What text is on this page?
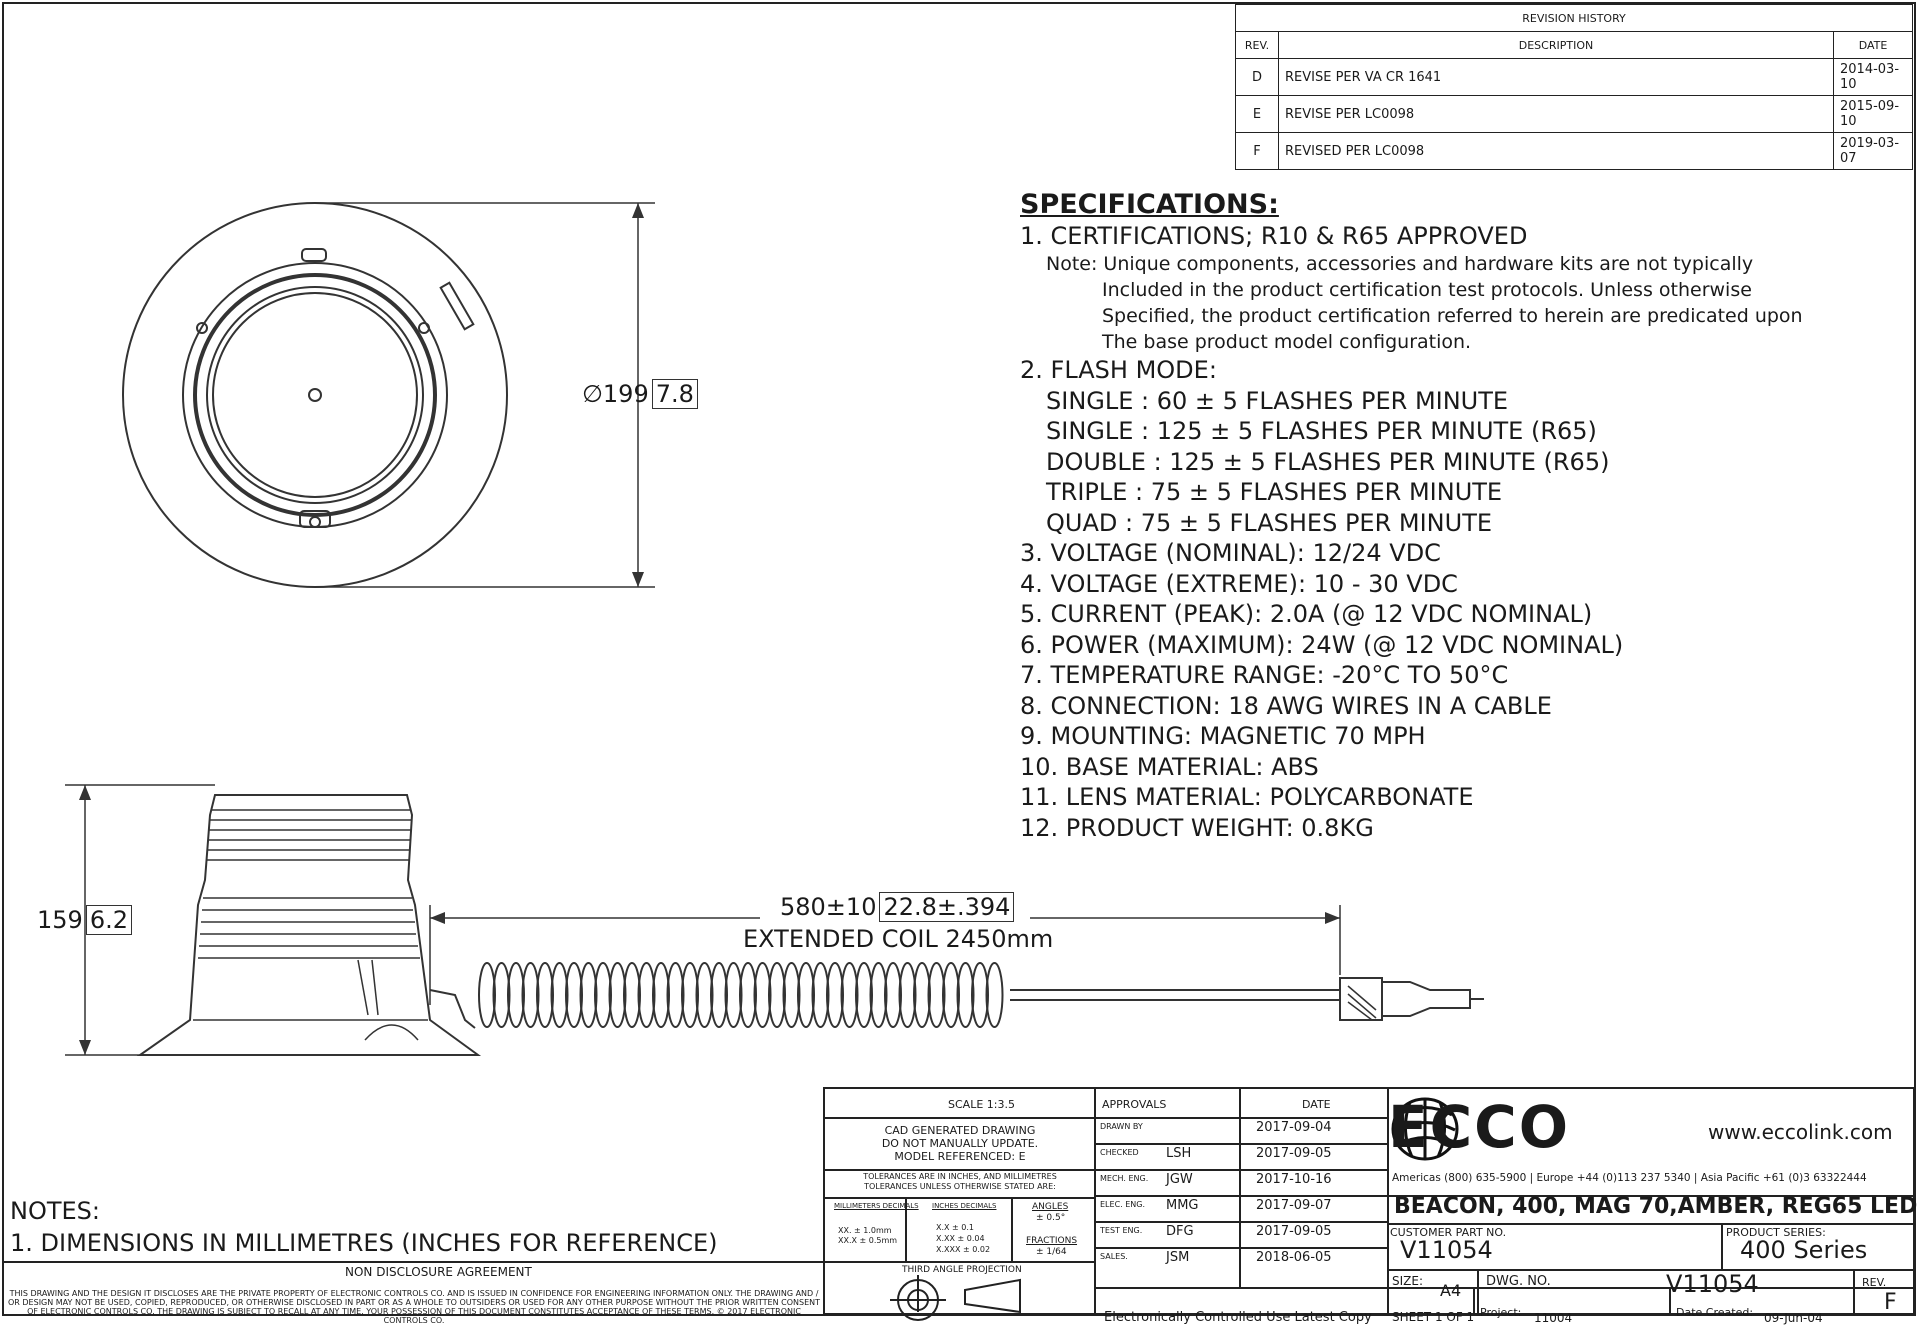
REVISION HISTORY		
REV.	DESCRIPTION	DATE
D	REVISE PER VA CR 1641	2014-03-10
E	REVISE PER LC0098	2015-09-10
F	REVISED PER LC0098	2019-03-07
∅199 7.8
159 6.2	580±10 22.8±.394
EXTENDED COIL 2450mm
SPECIFICATIONS:
1. CERTIFICATIONS; R10 & R65 APPROVED
Note: Unique components, accessories and hardware kits are not typically
Included in the product certification test protocols. Unless otherwise
Specified, the product certification referred to herein are predicated upon
The base product model configuration.
2. FLASH MODE:
SINGLE : 60 ± 5 FLASHES PER MINUTE
SINGLE : 125 ± 5 FLASHES PER MINUTE (R65)
DOUBLE : 125 ± 5 FLASHES PER MINUTE (R65)
TRIPLE : 75 ± 5 FLASHES PER MINUTE
QUAD : 75 ± 5 FLASHES PER MINUTE
3. VOLTAGE (NOMINAL): 12/24 VDC
4. VOLTAGE (EXTREME): 10 - 30 VDC
5. CURRENT (PEAK): 2.0A (@ 12 VDC NOMINAL)
6. POWER (MAXIMUM): 24W (@ 12 VDC NOMINAL)
7. TEMPERATURE RANGE: -20°C TO 50°C
8. CONNECTION: 18 AWG WIRES IN A CABLE
9. MOUNTING: MAGNETIC 70 MPH
10. BASE MATERIAL: ABS
11. LENS MATERIAL: POLYCARBONATE
12. PRODUCT WEIGHT: 0.8KG
NOTES:
1. DIMENSIONS IN MILLIMETRES (INCHES FOR REFERENCE)
NON DISCLOSURE AGREEMENT
THIS DRAWING AND THE DESIGN IT DISCLOSES ARE THE PRIVATE PROPERTY OF ELECTRONIC CONTROLS CO. AND IS ISSUED IN CONFIDENCE FOR ENGINEERING INFORMATION ONLY. THE DRAWING AND / OR DESIGN MAY NOT BE USED, COPIED, REPRODUCED, OR OTHERWISE DISCLOSED IN PART OR AS A WHOLE TO OUTSIDERS OR USED FOR ANY OTHER PURPOSE WITHOUT THE PRIOR WRITTEN CONSENT OF ELECTRONIC CONTROLS CO. THE DRAWING IS SUBJECT TO RECALL AT ANY TIME. YOUR POSSESSION OF THIS DOCUMENT CONSTITUTES ACCEPTANCE OF THESE TERMS. © 2017 ELECTRONIC CONTROLS CO.
SCALE 1:3.5
CAD GENERATED DRAWING
DO NOT MANUALLY UPDATE.
MODEL REFERENCED: E
TOLERANCES ARE IN INCHES, AND MILLIMETRES
TOLERANCES UNLESS OTHERWISE STATED ARE:
MILLIMETERS DECIMALS
XX. ± 1.0mm
XX.X ± 0.5mm
INCHES DECIMALS
X.X ± 0.1
X.XX ± 0.04
X.XXX ± 0.02
ANGLES
± 0.5°
FRACTIONS
± 1/64
THIRD ANGLE PROJECTION
APPROVALS	DATE
DRAWN BY	2017-09-04
CHECKED LSH	2017-09-05
MECH. ENG. JGW	2017-10-16
ELEC. ENG. MMG	2017-09-07
TEST ENG. DFG	2017-09-05
SALES.	JSM	2018-06-05
Electronically Controlled Use Latest Copy
ECCO	www.eccolink.com
Americas (800) 635-5900 | Europe +44 (0)113 237 5340 | Asia Pacific +61 (0)3 63322444
BEACON, 400, MAG 70,AMBER, REG65 LED
CUSTOMER PART NO.
V11054
PRODUCT SERIES:
400 Series
SIZE: A4 DWG. NO.	V11054	REV.
F
SHEET 1 OF 1 Project: 11004	Date Created: 09-Jun-04
